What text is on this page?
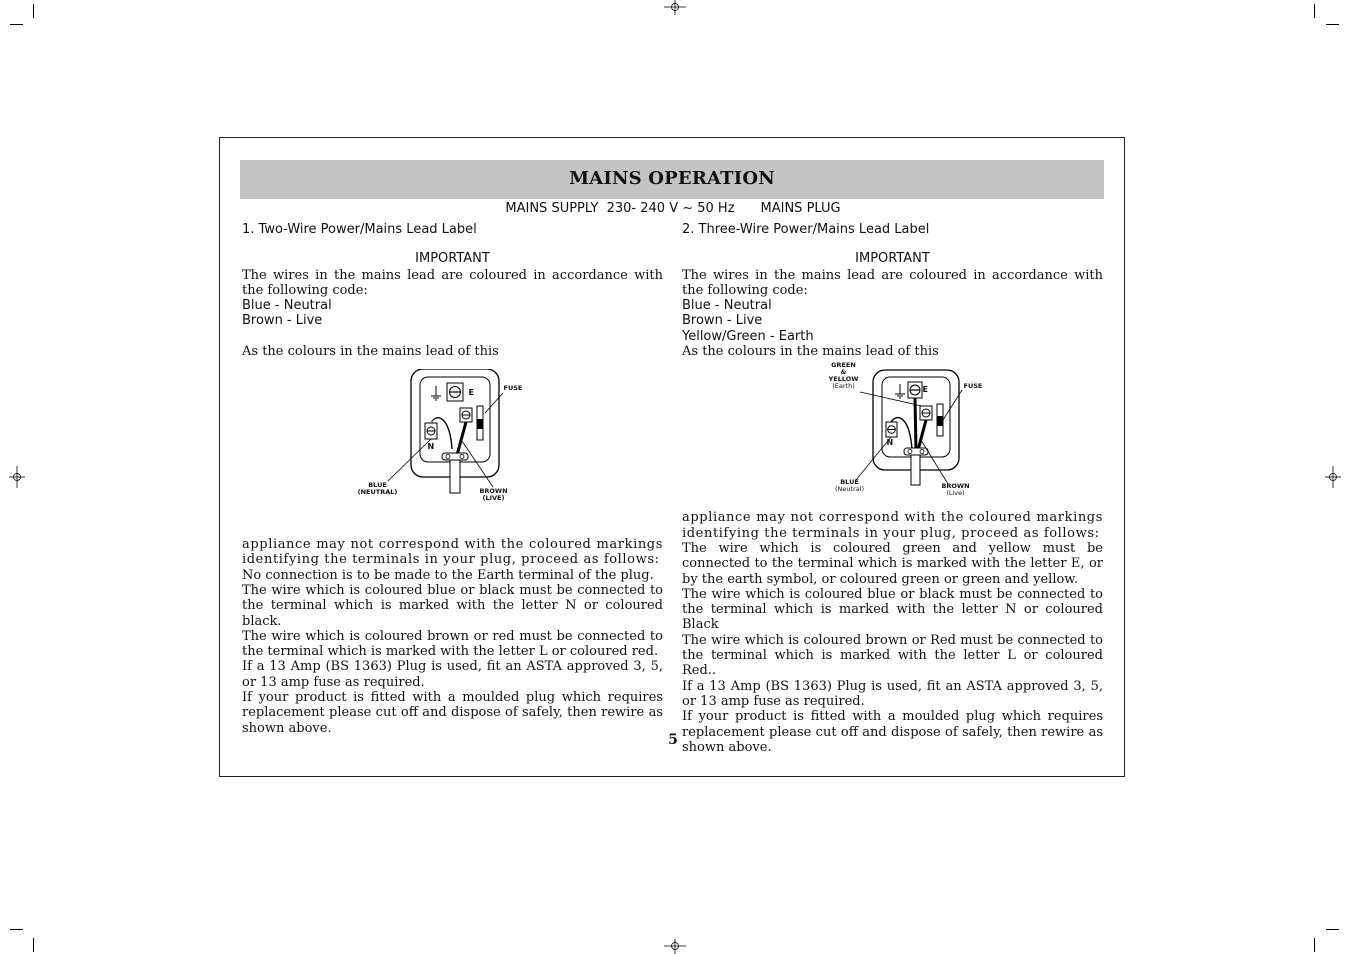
MAINS OPERATION
MAINS SUPPLY  230- 240 V ~ 50 Hz MAINS PLUG
1. Two-Wire Power/Mains Lead Label
IMPORTANT

The wires in the mains lead are coloured in accordance with the following code:

Blue - Neutral
Brown - Live

As the colours in the mains lead of this

FUSE
E
N
BLUE
(NEUTRAL)	BROWN
(LIVE)

appliance may not correspond with the coloured markings identifying the terminals in your plug, proceed as follows:

No connection is to be made to the Earth terminal of the plug.

The wire which is coloured blue or black must be connected to the terminal which is marked with the letter N or coloured black.

The wire which is coloured brown or red must be connected to the terminal which is marked with the letter L or coloured red.

If a 13 Amp (BS 1363) Plug is used, fit an ASTA approved 3, 5, or 13 amp fuse as required.

If your product is fitted with a moulded plug which requires replacement please cut off and dispose of safely, then rewire as shown above.

2. Three-Wire Power/Mains Lead Label
IMPORTANT

The wires in the mains lead are coloured in accordance with the following code:

Blue - Neutral
Brown - Live
Yellow/Green - Earth

As the colours in the mains lead of this

GREEN
&
YELLOW
(Earth)	FUSE
E
N
BLUE
(Neutral)	BROWN
(Live)

appliance may not correspond with the coloured markings identifying the terminals in your plug, proceed as follows:

The wire which is coloured green and yellow must be connected to the terminal which is marked with the letter E, or by the earth symbol, or coloured green or green and yellow.

The wire which is coloured blue or black must be connected to the terminal which is marked with the letter N or coloured Black

The wire which is coloured brown or Red must be connected to the terminal which is marked with the letter L or coloured Red..

If a 13 Amp (BS 1363) Plug is used, fit an ASTA approved 3, 5, or 13 amp fuse as required.

If your product is fitted with a moulded plug which requires replacement please cut off and dispose of safely, then rewire as shown above.

5
